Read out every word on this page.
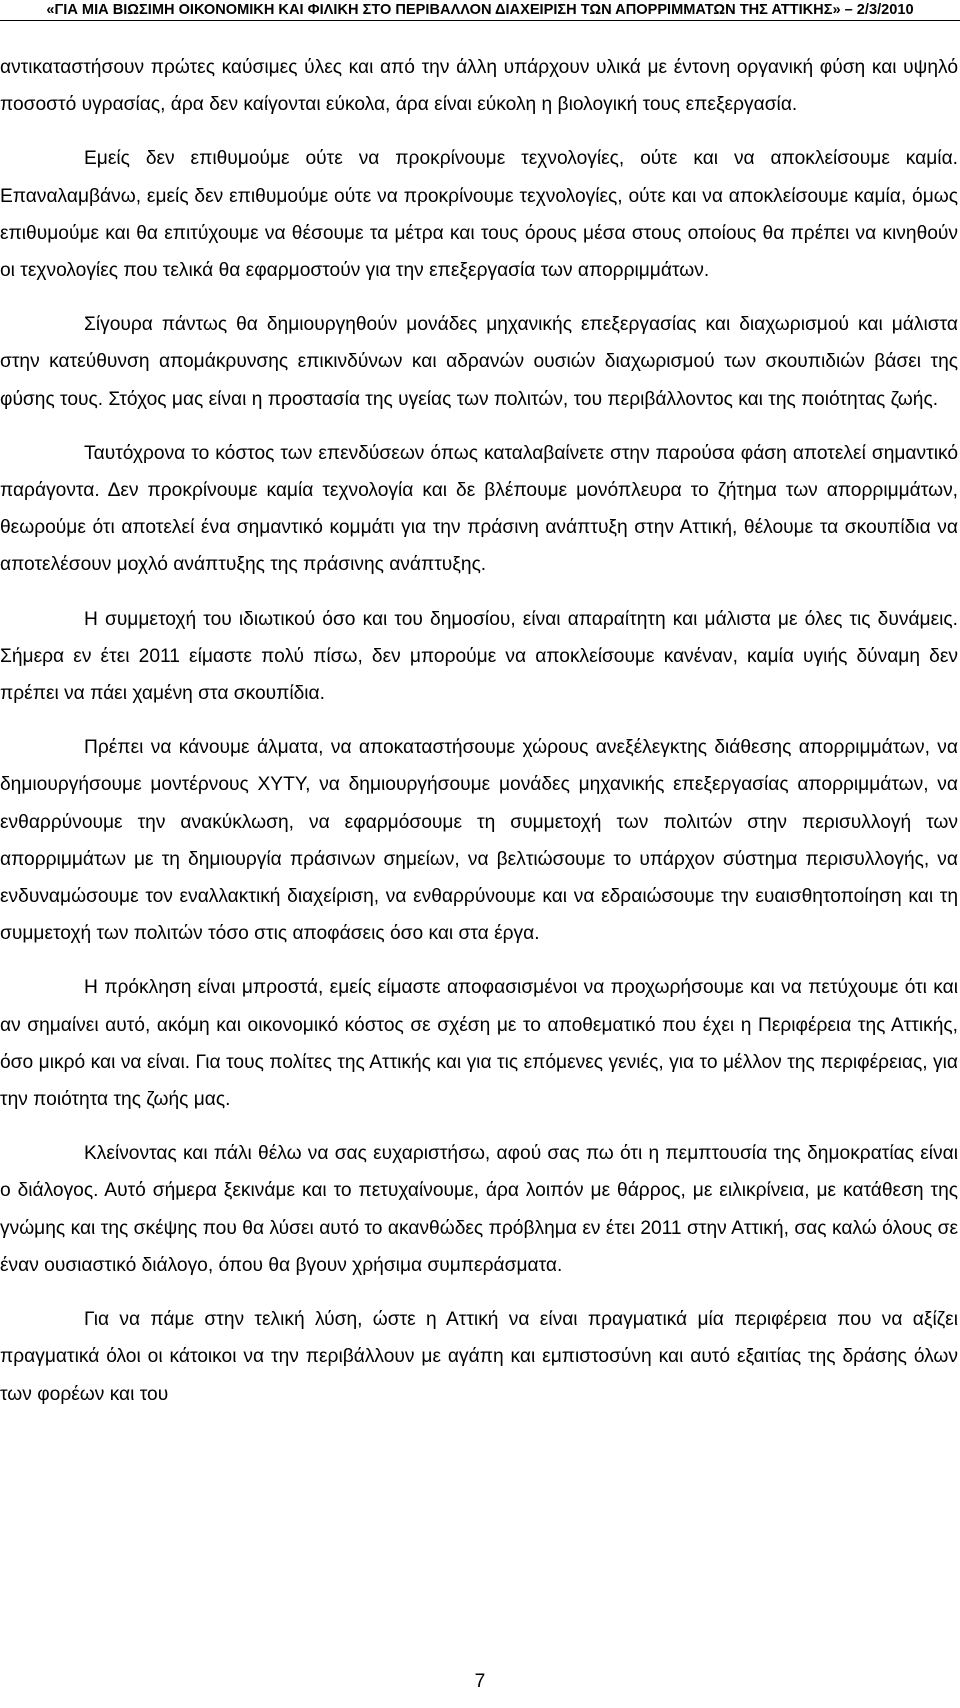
«ΓΙΑ ΜΙΑ ΒΙΩΣΙΜΗ ΟΙΚΟΝΟΜΙΚΗ ΚΑΙ ΦΙΛΙΚΗ ΣΤΟ ΠΕΡΙΒΑΛΛΟΝ ΔΙΑΧΕΙΡΙΣΗ ΤΩΝ ΑΠΟΡΡΙΜΜΑΤΩΝ ΤΗΣ ΑΤΤΙΚΗΣ» – 2/3/2010

αντικαταστήσουν πρώτες καύσιμες ύλες και από την άλλη υπάρχουν υλικά με έντονη οργανική φύση και υψηλό ποσοστό υγρασίας, άρα δεν καίγονται εύκολα, άρα είναι εύκολη η βιολογική τους επεξεργασία.

Εμείς δεν επιθυμούμε ούτε να προκρίνουμε τεχνολογίες, ούτε και να αποκλείσουμε καμία. Επαναλαμβάνω, εμείς δεν επιθυμούμε ούτε να προκρίνουμε τεχνολογίες, ούτε και να αποκλείσουμε καμία, όμως επιθυμούμε και θα επιτύχουμε να θέσουμε τα μέτρα και τους όρους μέσα στους οποίους θα πρέπει να κινηθούν οι τεχνολογίες που τελικά θα εφαρμοστούν για την επεξεργασία των απορριμμάτων.

Σίγουρα πάντως θα δημιουργηθούν μονάδες μηχανικής επεξεργασίας και διαχωρισμού και μάλιστα στην κατεύθυνση απομάκρυνσης επικινδύνων και αδρανών ουσιών διαχωρισμού των σκουπιδιών βάσει της φύσης τους. Στόχος μας είναι η προστασία της υγείας των πολιτών, του περιβάλλοντος και της ποιότητας ζωής.

Ταυτόχρονα το κόστος των επενδύσεων όπως καταλαβαίνετε στην παρούσα φάση αποτελεί σημαντικό παράγοντα. Δεν προκρίνουμε καμία τεχνολογία και δε βλέπουμε μονόπλευρα το ζήτημα των απορριμμάτων, θεωρούμε ότι αποτελεί ένα σημαντικό κομμάτι για την πράσινη ανάπτυξη στην Αττική, θέλουμε τα σκουπίδια να αποτελέσουν μοχλό ανάπτυξης της πράσινης ανάπτυξης.

Η συμμετοχή του ιδιωτικού όσο και του δημοσίου, είναι απαραίτητη και μάλιστα με όλες τις δυνάμεις. Σήμερα εν έτει 2011 είμαστε πολύ πίσω, δεν μπορούμε να αποκλείσουμε κανέναν, καμία υγιής δύναμη δεν πρέπει να πάει χαμένη στα σκουπίδια.

Πρέπει να κάνουμε άλματα, να αποκαταστήσουμε χώρους ανεξέλεγκτης διάθεσης απορριμμάτων, να δημιουργήσουμε μοντέρνους ΧΥΤΥ, να δημιουργήσουμε μονάδες μηχανικής επεξεργασίας απορριμμάτων, να ενθαρρύνουμε την ανακύκλωση, να εφαρμόσουμε τη συμμετοχή των πολιτών στην περισυλλογή των απορριμμάτων με τη δημιουργία πράσινων σημείων, να βελτιώσουμε το υπάρχον σύστημα περισυλλογής, να ενδυναμώσουμε τον εναλλακτική διαχείριση, να ενθαρρύνουμε και να εδραιώσουμε την ευαισθητοποίηση και τη συμμετοχή των πολιτών τόσο στις αποφάσεις όσο και στα έργα.

Η πρόκληση είναι μπροστά, εμείς είμαστε αποφασισμένοι να προχωρήσουμε και να πετύχουμε ότι και αν σημαίνει αυτό, ακόμη και οικονομικό κόστος σε σχέση με το αποθεματικό που έχει η Περιφέρεια της Αττικής, όσο μικρό και να είναι. Για τους πολίτες της Αττικής και για τις επόμενες γενιές, για το μέλλον της περιφέρειας, για την ποιότητα της ζωής μας.

Κλείνοντας και πάλι θέλω να σας ευχαριστήσω, αφού σας πω ότι η πεμπτουσία της δημοκρατίας είναι ο διάλογος. Αυτό σήμερα ξεκινάμε και το πετυχαίνουμε, άρα λοιπόν με θάρρος, με ειλικρίνεια, με κατάθεση της γνώμης και της σκέψης που θα λύσει αυτό το ακανθώδες πρόβλημα εν έτει 2011 στην Αττική, σας καλώ όλους σε έναν ουσιαστικό διάλογο, όπου θα βγουν χρήσιμα συμπεράσματα.

Για να πάμε στην τελική λύση, ώστε η Αττική να είναι πραγματικά μία περιφέρεια που να αξίζει πραγματικά όλοι οι κάτοικοι να την περιβάλλουν με αγάπη και εμπιστοσύνη και αυτό εξαιτίας της δράσης όλων των φορέων και του

7
